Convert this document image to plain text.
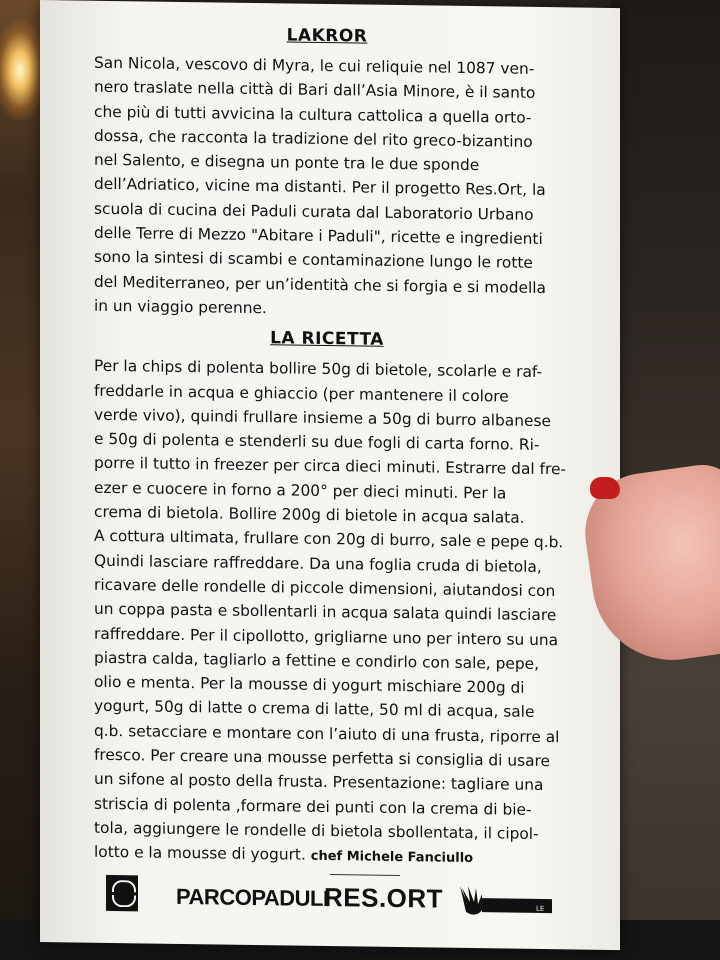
LAKROR

San Nicola, vescovo di Myra, le cui reliquie nel 1087 ven-
nero traslate nella città di Bari dall’Asia Minore, è il santo
che più di tutti avvicina la cultura cattolica a quella orto-
dossa, che racconta la tradizione del rito greco-bizantino
nel Salento, e disegna un ponte tra le due sponde
dell’Adriatico, vicine ma distanti. Per il progetto Res.Ort, la
scuola di cucina dei Paduli curata dal Laboratorio Urbano
delle Terre di Mezzo "Abitare i Paduli", ricette e ingredienti
sono la sintesi di scambi e contaminazione lungo le rotte
del Mediterraneo, per un’identità che si forgia e si modella
in un viaggio perenne.

LA RICETTA

Per la chips di polenta bollire 50g di bietole, scolarle e raf-
freddarle in acqua e ghiaccio (per mantenere il colore
verde vivo), quindi frullare insieme a 50g di burro albanese
e 50g di polenta e stenderli su due fogli di carta forno. Ri-
porre il tutto in freezer per circa dieci minuti. Estrarre dal fre-
ezer e cuocere in forno a 200° per dieci minuti. Per la
crema di bietola. Bollire 200g di bietole in acqua salata.
A cottura ultimata, frullare con 20g di burro, sale e pepe q.b.
Quindi lasciare raffreddare. Da una foglia cruda di bietola,
ricavare delle rondelle di piccole dimensioni, aiutandosi con
un coppa pasta e sbollentarli in acqua salata quindi lasciare
raffreddare. Per il cipollotto, grigliarne uno per intero su una
piastra calda, tagliarlo a fettine e condirlo con sale, pepe,
olio e menta. Per la mousse di yogurt mischiare 200g di
yogurt, 50g di latte o crema di latte, 50 ml di acqua, sale
q.b. setacciare e montare con l’aiuto di una frusta, riporre al
fresco. Per creare una mousse perfetta si consiglia di usare
un sifone al posto della frusta. Presentazione: tagliare una
striscia di polenta ,formare dei punti con la crema di bie-
tola, aggiungere le rondelle di bietola sbollentata, il cipol-
lotto e la mousse di yogurt. chef Michele Fanciullo

PARCOPADULI
RES.ORT	LE
